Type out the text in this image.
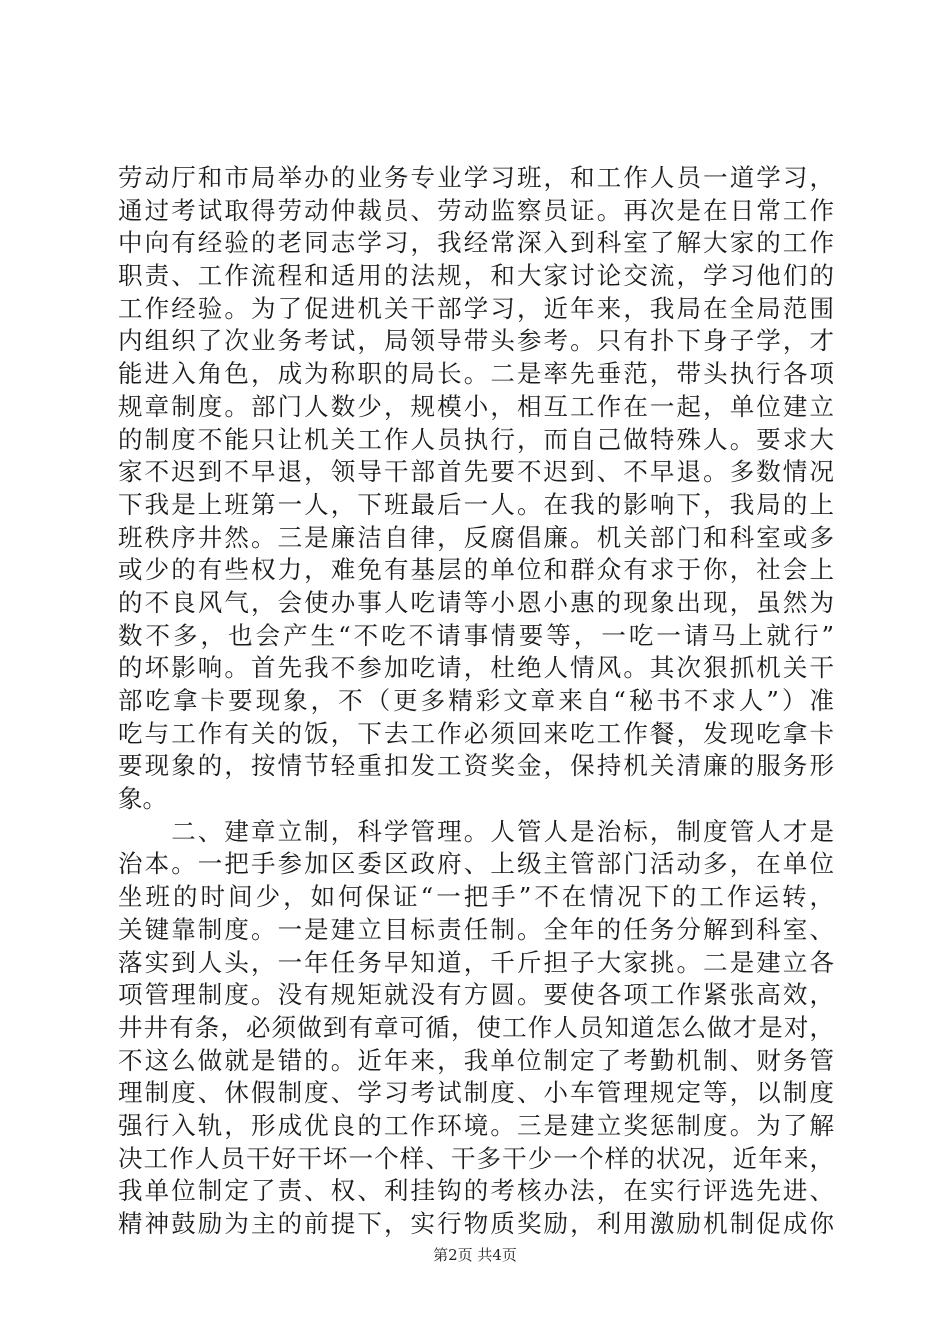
劳动厅和市局举办的业务专业学习班，和工作人员一道学习，
通过考试取得劳动仲裁员、劳动监察员证。再次是在日常工作
中向有经验的老同志学习，我经常深入到科室了解大家的工作
职责、工作流程和适用的法规，和大家讨论交流，学习他们的
工作经验。为了促进机关干部学习，近年来，我局在全局范围
内组织了次业务考试，局领导带头参考。只有扑下身子学，才
能进入角色，成为称职的局长。二是率先垂范，带头执行各项
规章制度。部门人数少，规模小，相互工作在一起，单位建立
的制度不能只让机关工作人员执行，而自己做特殊人。要求大
家不迟到不早退，领导干部首先要不迟到、不早退。多数情况
下我是上班第一人，下班最后一人。在我的影响下，我局的上
班秩序井然。三是廉洁自律，反腐倡廉。机关部门和科室或多
或少的有些权力，难免有基层的单位和群众有求于你，社会上
的不良风气，会使办事人吃请等小恩小惠的现象出现，虽然为
数不多，也会产生“不吃不请事情要等，一吃一请马上就行”
的坏影响。首先我不参加吃请，杜绝人情风。其次狠抓机关干
部吃拿卡要现象，不（更多精彩文章来自“秘书不求人”）准
吃与工作有关的饭，下去工作必须回来吃工作餐，发现吃拿卡
要现象的，按情节轻重扣发工资奖金，保持机关清廉的服务形
象。
　　二、建章立制，科学管理。人管人是治标，制度管人才是
治本。一把手参加区委区政府、上级主管部门活动多，在单位
坐班的时间少，如何保证“一把手”不在情况下的工作运转，
关键靠制度。一是建立目标责任制。全年的任务分解到科室、
落实到人头，一年任务早知道，千斤担子大家挑。二是建立各
项管理制度。没有规矩就没有方圆。要使各项工作紧张高效，
井井有条，必须做到有章可循，使工作人员知道怎么做才是对，
不这么做就是错的。近年来，我单位制定了考勤机制、财务管
理制度、休假制度、学习考试制度、小车管理规定等，以制度
强行入轨，形成优良的工作环境。三是建立奖惩制度。为了解
决工作人员干好干坏一个样、干多干少一个样的状况，近年来，
我单位制定了责、权、利挂钩的考核办法，在实行评选先进、
精神鼓励为主的前提下，实行物质奖励，利用激励机制促成你
第2页 共4页
